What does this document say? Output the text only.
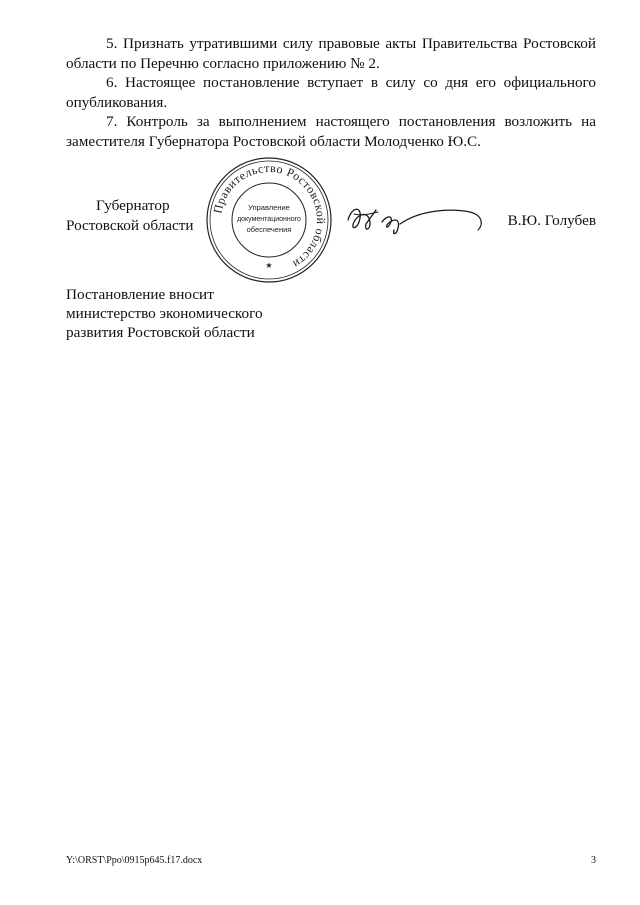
5. Признать утратившими силу правовые акты Правительства Ростовской области по Перечню согласно приложению № 2.

6. Настоящее постановление вступает в силу со дня его официального опубликования.

7. Контроль за выполнением настоящего постановления возложить на заместителя Губернатора Ростовской области Молодченко Ю.С.

Губернатор
Ростовской области
Правительство Ростовской области
Управление
документационного
обеспечения
★
В.Ю. Голубев
Постановление вносит
министерство экономического
развития Ростовской области
Y:\ORST\Ppo\0915p645.f17.docx	3
